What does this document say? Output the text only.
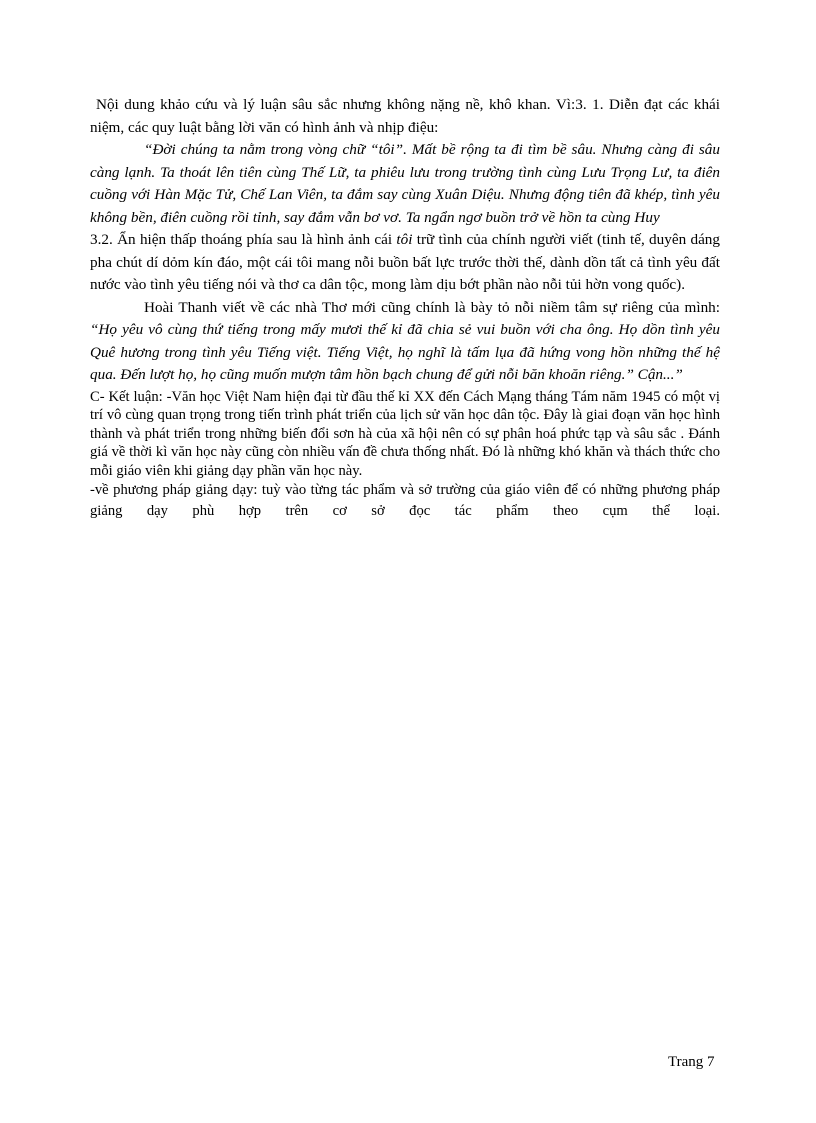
Nội dung khảo cứu và lý luận sâu sắc nhưng không nặng nề, khô khan. Vì:3. 1. Diễn đạt các khái niệm, các quy luật bằng lời văn có hình ảnh và nhịp điệu:

“Đời chúng ta nằm trong vòng chữ “tôi”. Mất bề rộng ta đi tìm bề sâu. Nhưng càng đi sâu càng lạnh. Ta thoát lên tiên cùng Thế Lữ, ta phiêu lưu trong trường tình cùng Lưu Trọng Lư, ta điên cuồng với Hàn Mặc Tử, Chế Lan Viên, ta đắm say cùng Xuân Diệu. Nhưng động tiên đã khép, tình yêu không bền, điên cuồng rồi tỉnh, say đắm vẫn bơ vơ. Ta ngẩn ngơ buồn trở về hồn ta cùng Huy

3.2. Ẩn hiện thấp thoáng phía sau là hình ảnh cái tôi trữ tình của chính người viết (tinh tế, duyên dáng pha chút dí dỏm kín đáo, một cái tôi mang nỗi buồn bất lực trước thời thế, dành dồn tất cả tình yêu đất nước vào tình yêu tiếng nói và thơ ca dân tộc, mong làm dịu bớt phần nào nỗi tủi hờn vong quốc).

Hoài Thanh viết về các nhà Thơ mới cũng chính là bày tỏ nỗi niềm tâm sự riêng của mình: “Họ yêu vô cùng thứ tiếng trong mấy mươi thế kỉ đã chia sẻ vui buồn với cha ông. Họ dồn tình yêu Quê hương trong tình yêu Tiếng việt. Tiếng Việt, họ nghĩ là tấm lụa đã hứng vong hồn những thế hệ qua. Đến lượt họ, họ cũng muốn mượn tâm hồn bạch chung để gửi nỗi băn khoăn riêng.” Cận...”

C- Kết luận: -Văn học Việt Nam hiện đại từ đầu thế kỉ XX đến Cách Mạng tháng Tám năm 1945 có một vị trí vô cùng quan trọng trong tiến trình phát triển của lịch sử văn học dân tộc. Đây là giai đoạn văn học hình thành và phát triển trong những biến đổi sơn hà của xã hội nên có sự phân hoá phức tạp và sâu sắc . Đánh giá về thời kì văn học này cũng còn nhiều vấn đề chưa thống nhất. Đó là những khó khăn và thách thức cho mỗi giáo viên khi giảng dạy phần văn học này.

-về phương pháp giảng dạy: tuỳ vào từng tác phẩm và sở trường của giáo viên để có những phương pháp giảng dạy phù hợp trên cơ sở đọc tác phẩm theo cụm thể loại.

Trang 7
